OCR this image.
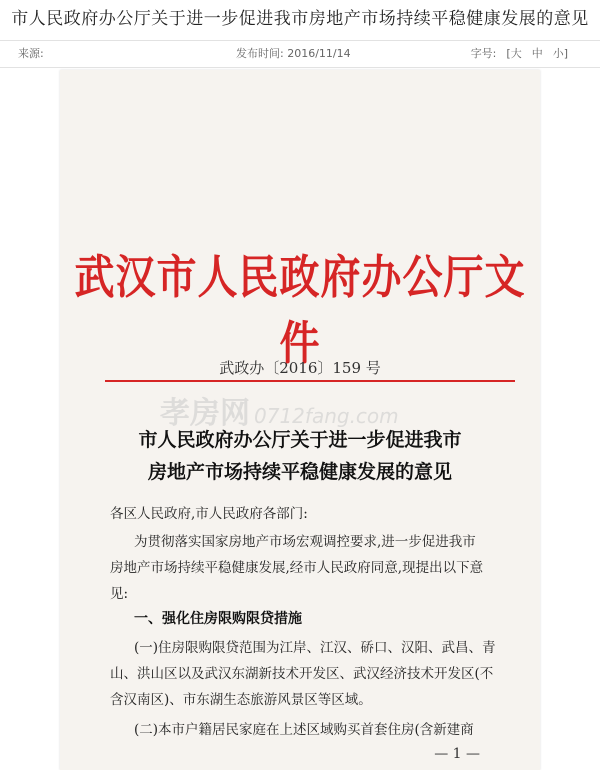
市人民政府办公厅关于进一步促进我市房地产市场持续平稳健康发展的意见
来源:	发布时间: 2016/11/14	字号: [大 中 小]
武汉市人民政府办公厅文件
武政办〔2016〕159 号
孝房网 0712fang.com
市人民政府办公厅关于进一步促进我市
房地产市场持续平稳健康发展的意见
各区人民政府,市人民政府各部门:
为贯彻落实国家房地产市场宏观调控要求,进一步促进我市
房地产市场持续平稳健康发展,经市人民政府同意,现提出以下意
见:
一、强化住房限购限贷措施
(一)住房限购限贷范围为江岸、江汉、硚口、汉阳、武昌、青
山、洪山区以及武汉东湖新技术开发区、武汉经济技术开发区(不
含汉南区)、市东湖生态旅游风景区等区域。
(二)本市户籍居民家庭在上述区域购买首套住房(含新建商
— 1 —
